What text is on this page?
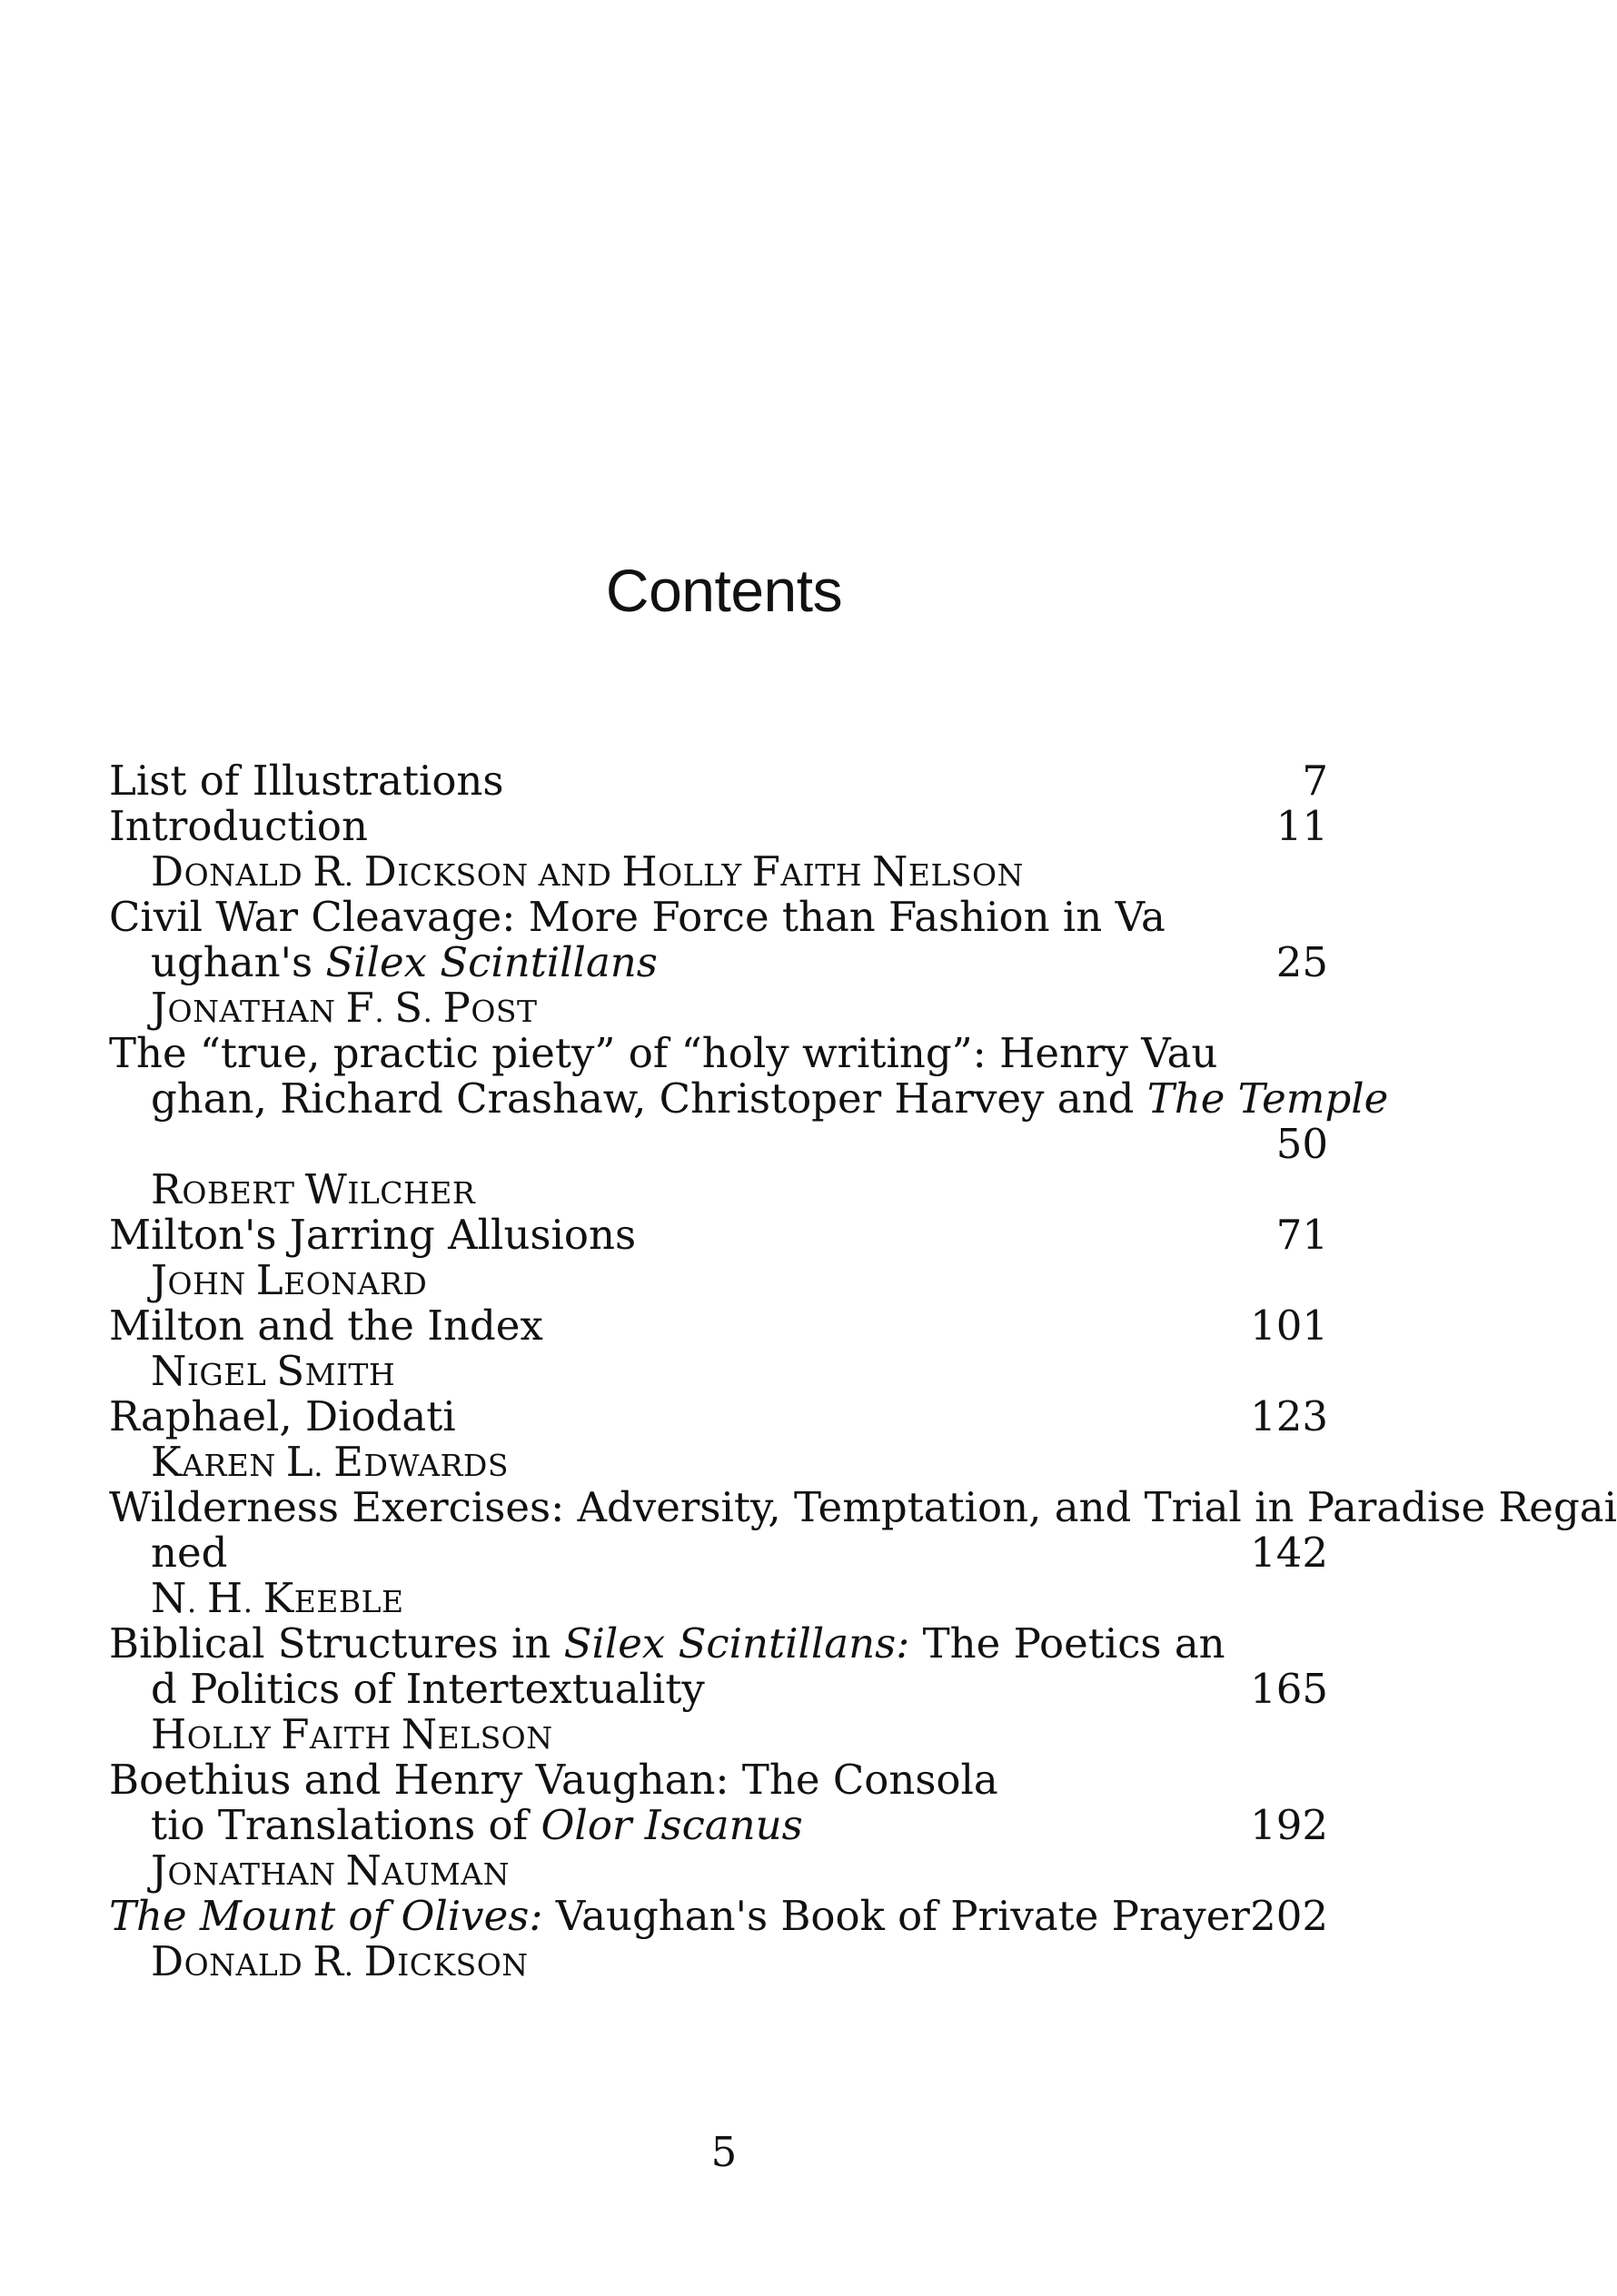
Contents
List of Illustrations	7
Introduction	11
DONALD R. DICKSON AND HOLLY FAITH NELSON
Civil War Cleavage: More Force than Fashion in Va
ughan's Silex Scintillans	25
JONATHAN F. S. POST
The “true, practic piety” of “holy writing”: Henry Vau
ghan, Richard Crashaw, Christoper Harvey and The Temple
50
ROBERT WILCHER
Milton's Jarring Allusions	71
JOHN LEONARD
Milton and the Index	101
NIGEL SMITH
Raphael, Diodati	123
KAREN L. EDWARDS
Wilderness Exercises: Adversity, Temptation, and Trial in Paradise Regai
ned	142
N. H. KEEBLE
Biblical Structures in Silex Scintillans: The Poetics an
d Politics of Intertextuality	165
HOLLY FAITH NELSON
Boethius and Henry Vaughan: The Consola
tio Translations of Olor Iscanus	192
JONATHAN NAUMAN
The Mount of Olives: Vaughan's Book of Private Prayer 202
DONALD R. DICKSON
5
